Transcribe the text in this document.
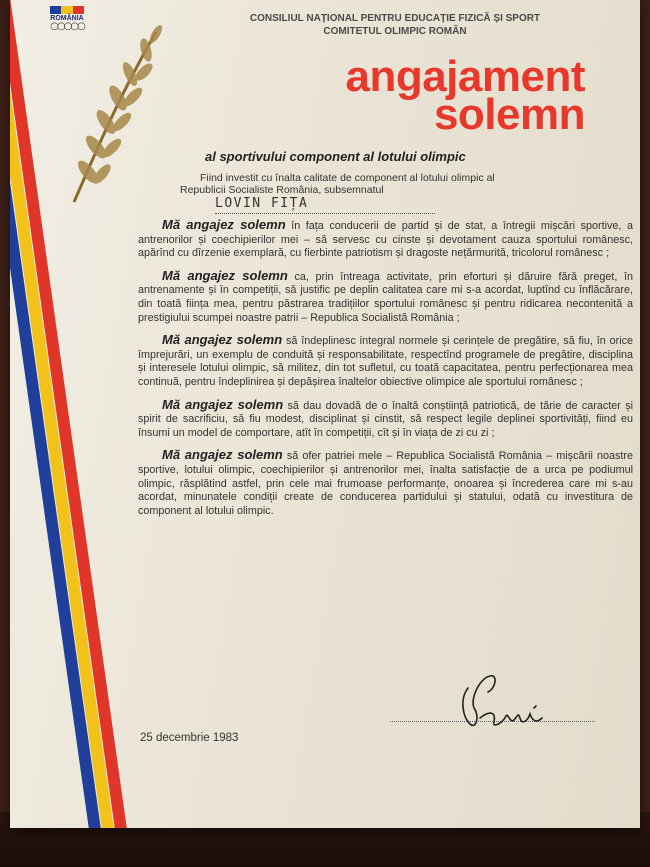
ROMÂNIA
○○○○○
CONSILIUL NAȚIONAL PENTRU EDUCAȚIE FIZICĂ ȘI SPORT
COMITETUL OLIMPIC ROMÂN
angajament
solemn
al sportivului component al lotului olimpic
Fiind investit cu înalta calitate de component al lotului olimpic al
Republicii Socialiste România, subsemnatul
LOVIN FIȚA

Mă angajez solemn în fața conducerii de partid și de stat, a întregii mișcări sportive, a antrenorilor și coechipierilor mei – să servesc cu cinste și devotament cauza sportului românesc, apărînd cu dîrzenie exemplară, cu fierbinte patriotism și dragoste nețărmurită, tricolorul românesc ;

Mă angajez solemn ca, prin întreaga activitate, prin eforturi și dăruire fără preget, în antrenamente și în competiții, să justific pe deplin calitatea care mi s-a acordat, luptînd cu înflăcărare, din toată ființa mea, pentru păstrarea tradițiilor sportului românesc și pentru ridicarea necontenită a prestigiului scumpei noastre patrii – Republica Socialistă România ;

Mă angajez solemn să îndeplinesc integral normele și cerințele de pregătire, să fiu, în orice împrejurări, un exemplu de conduită și responsabilitate, respectînd programele de pregătire, disciplina și interesele lotului olimpic, să militez, din tot sufletul, cu toată capacitatea, pentru perfecționarea mea continuă, pentru îndeplinirea și depășirea înaltelor obiective olimpice ale sportului românesc ;

Mă angajez solemn să dau dovadă de o înaltă conștiință patriotică, de tărie de caracter și spirit de sacrificiu, să fiu modest, disciplinat și cinstit, să respect legile deplinei sportivități, fiind eu însumi un model de comportare, atît în competiții, cît și în viața de zi cu zi ;

Mă angajez solemn să ofer patriei mele – Republica Socialistă România – mișcării noastre sportive, lotului olimpic, coechipierilor și antrenorilor mei, înalta satisfacție de a urca pe podiumul olimpic, răsplătind astfel, prin cele mai frumoase performanțe, onoarea și încrederea care mi s-au acordat, minunatele condiții create de conducerea partidului și statului, odată cu investitura de component al lotului olimpic.

25 decembrie 1983
